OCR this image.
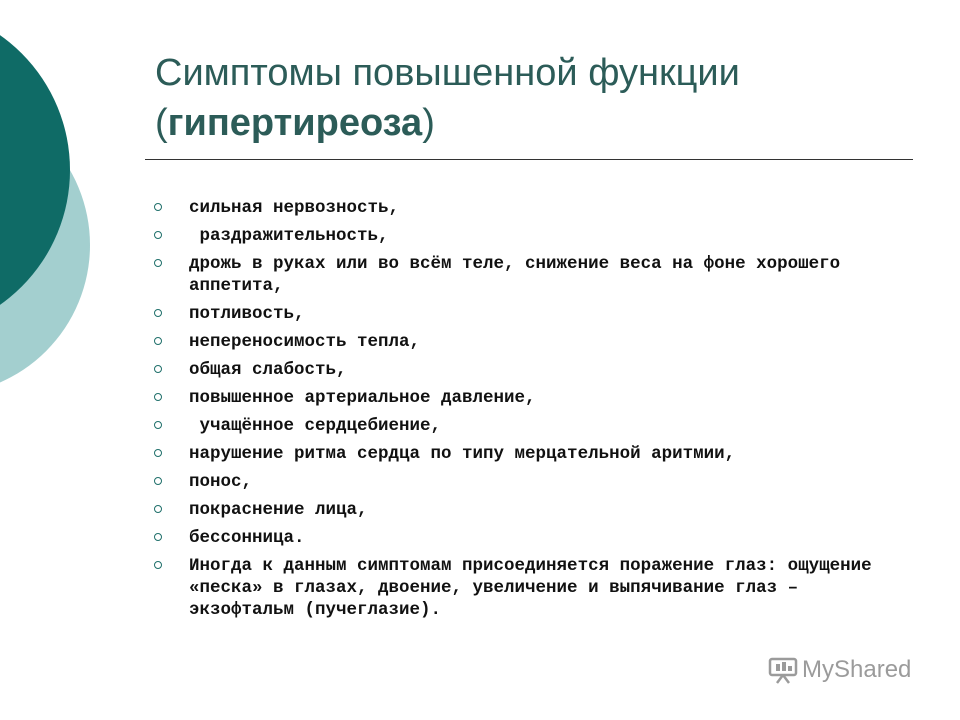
Симптомы повышенной функции
(гипертиреоза)
сильная нервозность,
раздражительность,
дрожь в руках или во всём теле, снижение веса на фоне хорошего аппетита,
потливость,
непереносимость тепла,
общая слабость,
повышенное артериальное давление,
учащённое сердцебиение,
нарушение ритма сердца по типу мерцательной аритмии,
понос,
покраснение лица,
бессонница.
Иногда к данным симптомам присоединяется поражение глаз: ощущение «песка» в глазах, двоение, увеличение и выпячивание глаз – экзофтальм (пучеглазие).
MyShared
